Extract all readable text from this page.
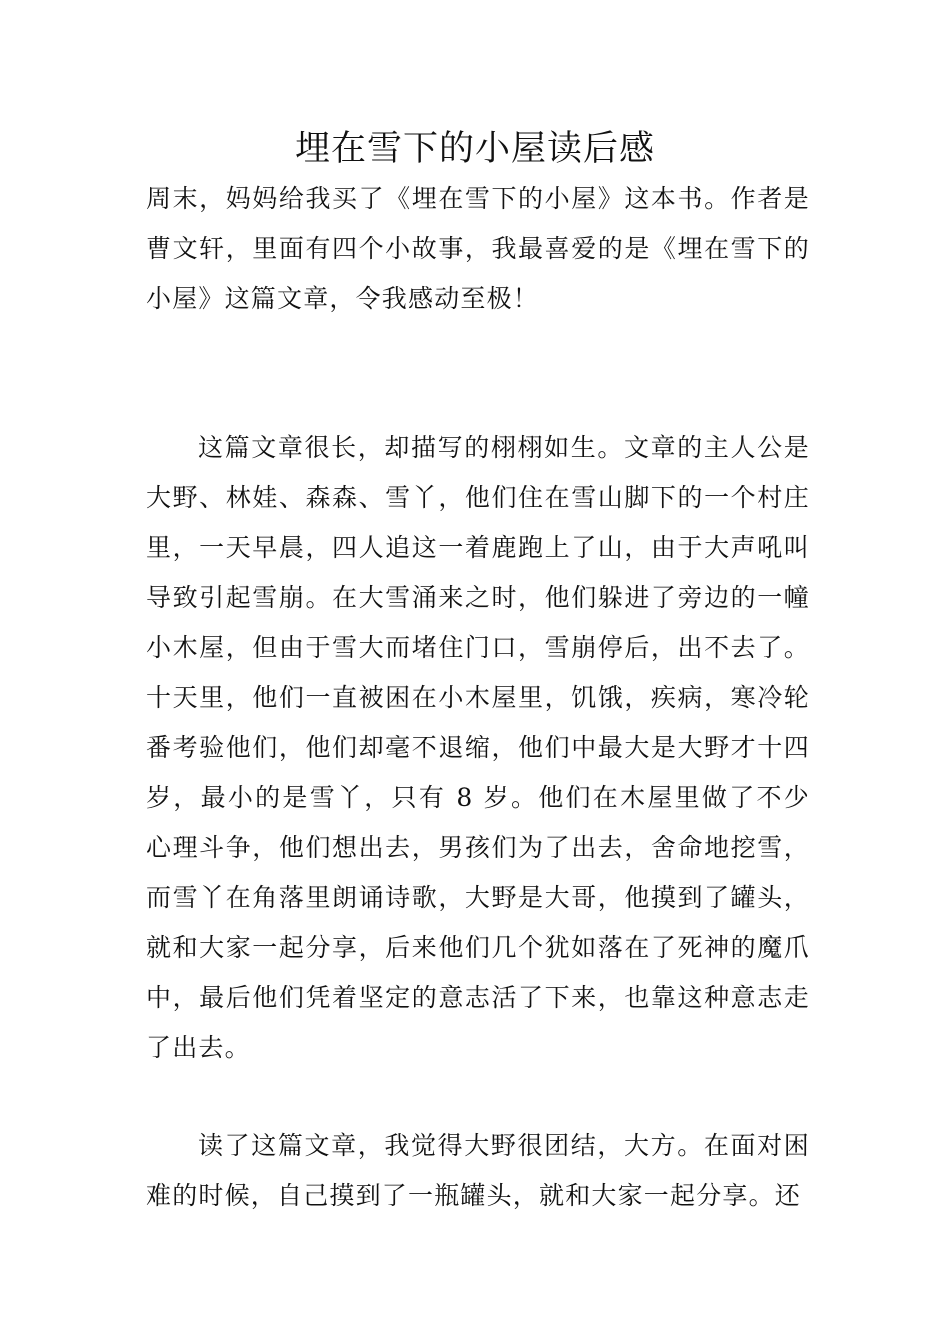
埋在雪下的小屋读后感

周末，妈妈给我买了《埋在雪下的小屋》这本书。作者是曹文轩，里面有四个小故事，我最喜爱的是《埋在雪下的小屋》这篇文章，令我感动至极！

这篇文章很长，却描写的栩栩如生。文章的主人公是大野、林娃、森森、雪丫，他们住在雪山脚下的一个村庄里，一天早晨，四人追这一着鹿跑上了山，由于大声吼叫导致引起雪崩。在大雪涌来之时，他们躲进了旁边的一幢小木屋，但由于雪大而堵住门口，雪崩停后，出不去了。十天里，他们一直被困在小木屋里，饥饿，疾病，寒冷轮番考验他们，他们却毫不退缩，他们中最大是大野才十四岁，最小的是雪丫，只有 8 岁。他们在木屋里做了不少心理斗争，他们想出去，男孩们为了出去，舍命地挖雪，而雪丫在角落里朗诵诗歌，大野是大哥，他摸到了罐头，就和大家一起分享，后来他们几个犹如落在了死神的魔爪中，最后他们凭着坚定的意志活了下来，也靠这种意志走了出去。

读了这篇文章，我觉得大野很团结，大方。在面对困难的时候，自己摸到了一瓶罐头，就和大家一起分享。还
